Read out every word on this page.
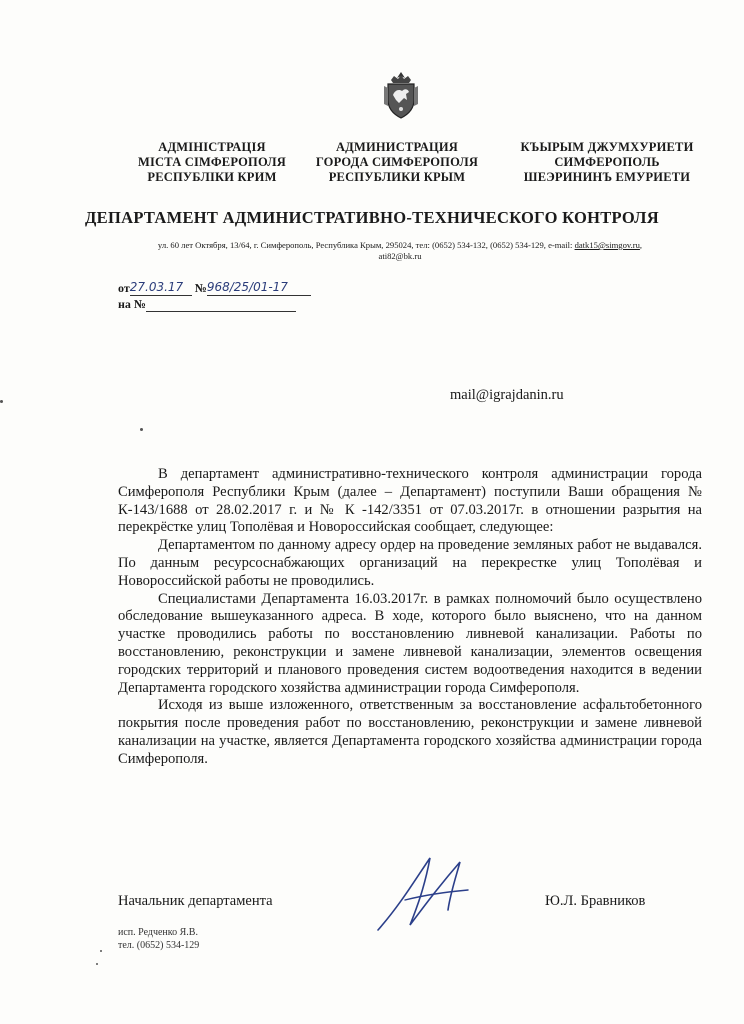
АДМІНІСТРАЦІЯ
МІСТА СІМФЕРОПОЛЯ
РЕСПУБЛІКИ КРИМ
АДМИНИСТРАЦИЯ
ГОРОДА СИМФЕРОПОЛЯ
РЕСПУБЛИКИ КРЫМ
КЪЫРЫМ ДЖУМХУРИЕТИ
СИМФЕРОПОЛЬ
ШЕЭРИНИНЪ ЕМУРИЕТИ
ДЕПАРТАМЕНТ АДМИНИСТРАТИВНО-ТЕХНИЧЕСКОГО КОНТРОЛЯ
ул. 60 лет Октября, 13/64, г. Симферополь, Республика Крым, 295024, тел: (0652) 534-132, (0652) 534-129, e-mail: datk15@simgov.ru,
ati82@bk.ru
от27.03.17 №968/25/01-17
на №
mail@igrajdanin.ru

В департамент административно-технического контроля администрации города Симферополя Республики Крым (далее – Департамент) поступили Ваши обращения № К-143/1688 от 28.02.2017 г. и № К -142/3351 от 07.03.2017г. в отношении разрытия на перекрёстке улиц Тополёвая и Новороссийская сообщает, следующее:

Департаментом по данному адресу ордер на проведение земляных работ не выдавался. По данным ресурсоснабжающих организаций на перекрестке улиц Тополёвая и Новороссийской работы не проводились.

Специалистами Департамента 16.03.2017г. в рамках полномочий было осуществлено обследование вышеуказанного адреса. В ходе, которого было выяснено, что на данном участке проводились работы по восстановлению ливневой канализации. Работы по восстановлению, реконструкции и замене ливневой канализации, элементов освещения городских территорий и планового проведения систем водоотведения находится в ведении Департамента городского хозяйства администрации города Симферополя.

Исходя из выше изложенного, ответственным за восстановление асфальтобетонного покрытия после проведения работ по восстановлению, реконструкции и замене ливневой канализации на участке, является Департамента городского хозяйства администрации города Симферополя.

Начальник департамента	Ю.Л. Бравников
исп. Редченко Я.В.
тел. (0652) 534-129
